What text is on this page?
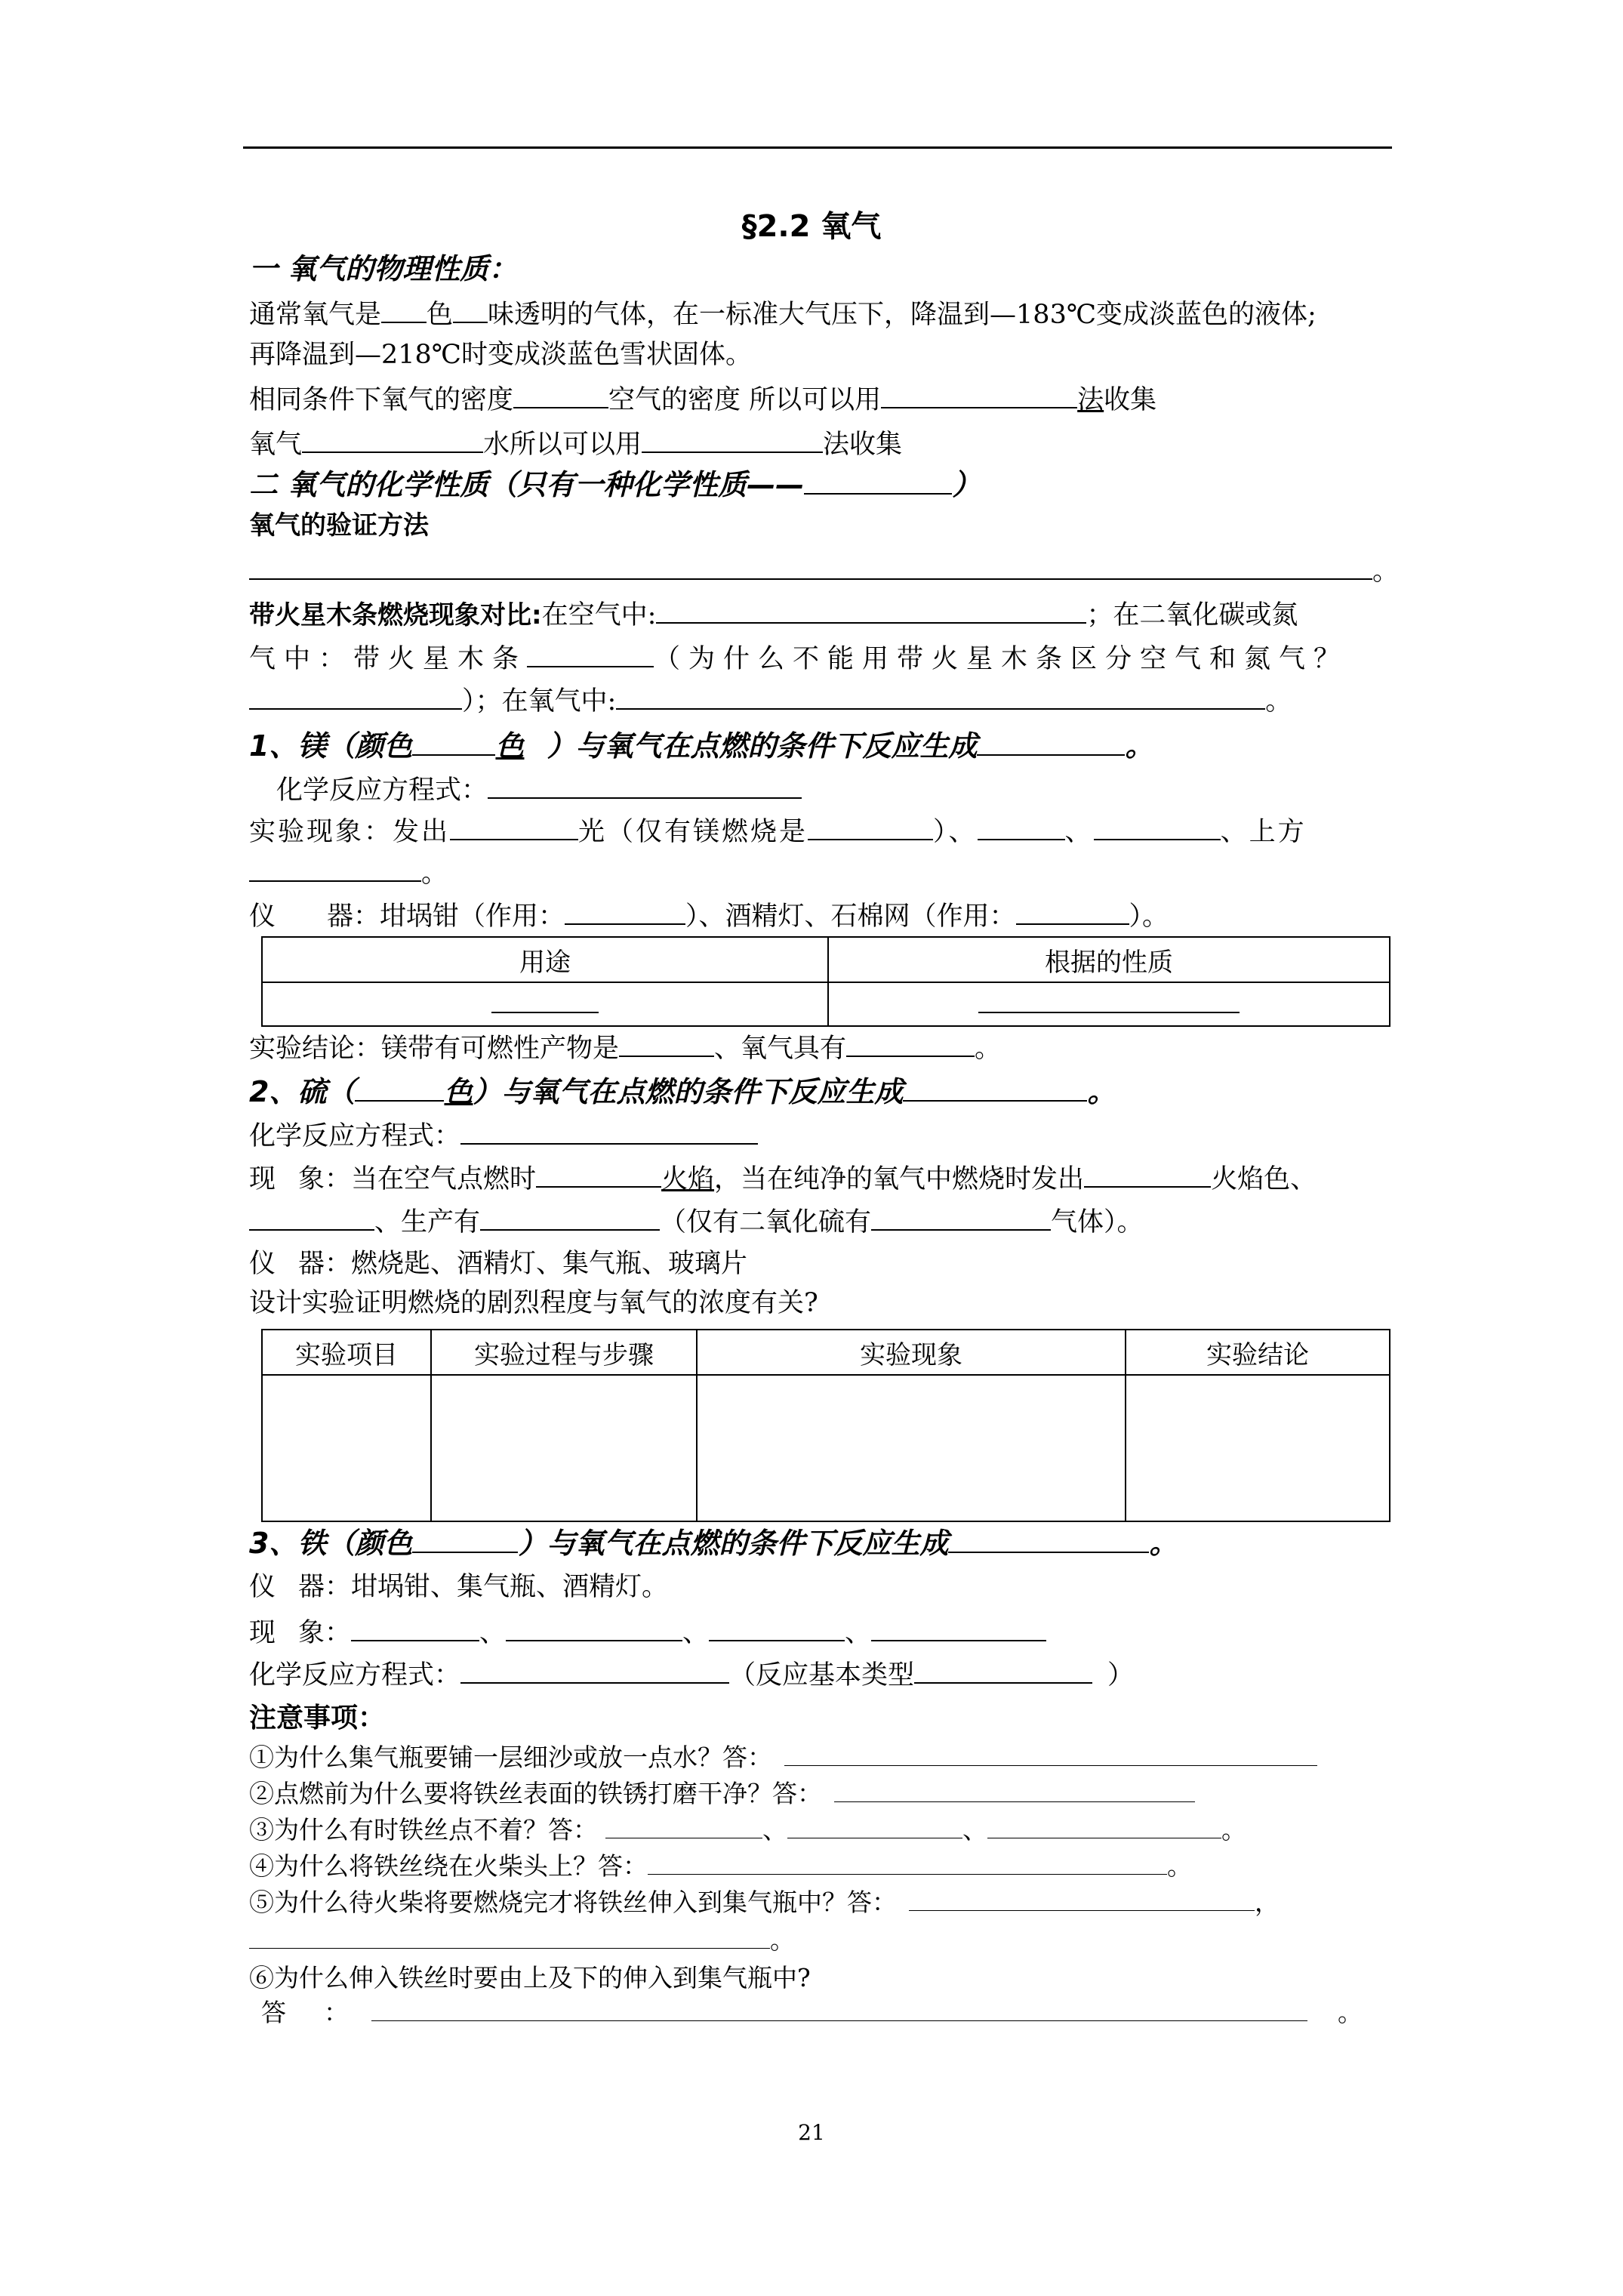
§2.2 氧气
一 氧气的物理性质：
通常氧气是 色 味透明的气体，在一标准大气压下，降温到—183℃变成淡蓝色的液体;
再降温到—218℃时变成淡蓝色雪状固体。
相同条件下氧气的密度	空气的密度 所以可以用	法收集
氧气	水所以可以用	法收集
二 氧气的化学性质（只有一种化学性质——	）
氧气的验证方法
。
带火星木条燃烧现象对比:在空气中:	；在二氧化碳或氮
气中：带火星木条	（为什么不能用带火星木条区分空气和氮气？
）；在氧气中:	。
1、镁（颜色	色 ）与氧气在点燃的条件下反应生成	。
化学反应方程式：
实验现象：发出	光（仅有镁燃烧是	）、	、	、上方
。
仪 器：坩埚钳（作用：	）、酒精灯、石棉网（作用：	）。
用途	根据的性质

实验结论：镁带有可燃性产物是	、氧气具有	。
2、硫（	色）与氧气在点燃的条件下反应生成	。
化学反应方程式：
现 象：当在空气点燃时	火焰，当在纯净的氧气中燃烧时发出	火焰色、
、生产有	（仅有二氧化硫有	气体）。
仪 器：燃烧匙、酒精灯、集气瓶、玻璃片
设计实验证明燃烧的剧烈程度与氧气的浓度有关?
实验项目	实验过程与步骤	实验现象	实验结论

3、铁（颜色	）与氧气在点燃的条件下反应生成	。
仪 器：坩埚钳、集气瓶、酒精灯。
现 象：	、	、	、
化学反应方程式：	（反应基本类型	）
注意事项：
①为什么集气瓶要铺一层细沙或放一点水？答：
②点燃前为什么要将铁丝表面的铁锈打磨干净？答：
③为什么有时铁丝点不着？答：	、	、	。
④为什么将铁丝绕在火柴头上？答：	。
⑤为什么待火柴将要燃烧完才将铁丝伸入到集气瓶中？答：	，
。
⑥为什么伸入铁丝时要由上及下的伸入到集气瓶中?
答 ：	。
21
